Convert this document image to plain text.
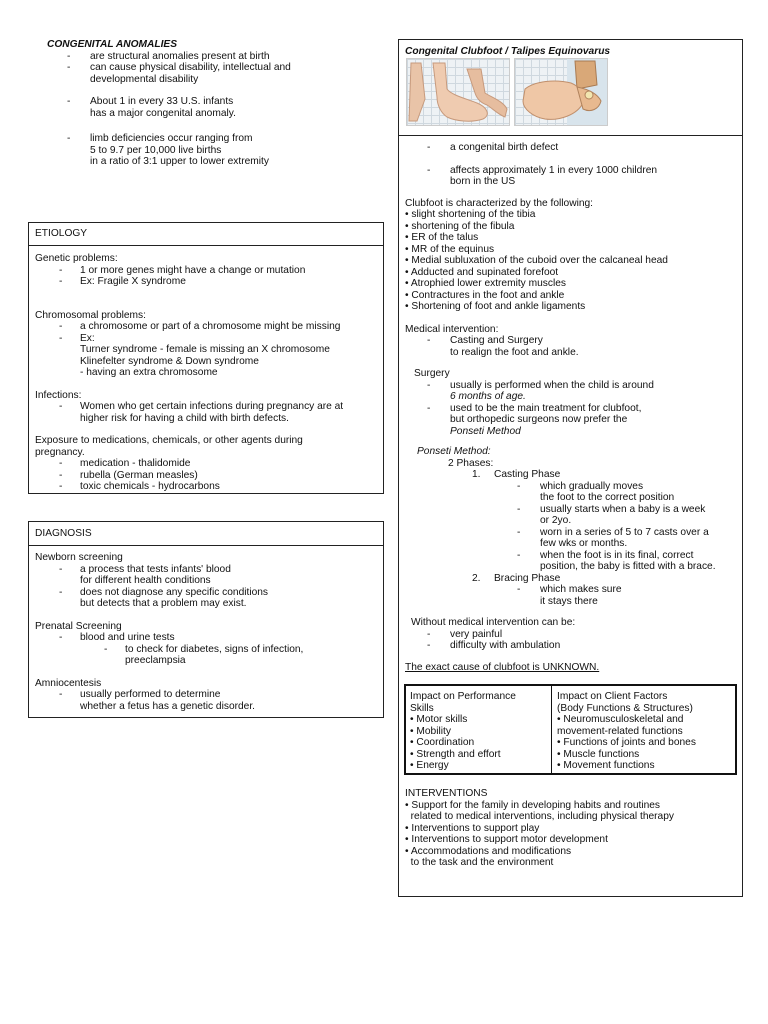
CONGENITAL ANOMALIES
- are structural anomalies present at birth
- can cause physical disability, intellectual and
developmental disability
- About 1 in every 33 U.S. infants
has a major congenital anomaly.
- limb deficiencies occur ranging from
5 to 9.7 per 10,000 live births
in a ratio of 3:1 upper to lower extremity
ETIOLOGY
Genetic problems:
- 1 or more genes might have a change or mutation
- Ex: Fragile X syndrome
Chromosomal problems:
- a chromosome or part of a chromosome might be missing
- Ex:
Turner syndrome - female is missing an X chromosome
Klinefelter syndrome & Down syndrome
- having an extra chromosome
Infections:
- Women who get certain infections during pregnancy are at
higher risk for having a child with birth defects.
Exposure to medications, chemicals, or other agents during
pregnancy.
- medication - thalidomide
- rubella (German measles)
- toxic chemicals - hydrocarbons
DIAGNOSIS
Newborn screening
- a process that tests infants' blood
for different health conditions
- does not diagnose any specific conditions
but detects that a problem may exist.
Prenatal Screening
- blood and urine tests
- to check for diabetes, signs of infection,
preeclampsia
Amniocentesis
- usually performed to determine
whether a fetus has a genetic disorder.
Congenital Clubfoot / Talipes Equinovarus
- a congenital birth defect
- affects approximately 1 in every 1000 children
born in the US
Clubfoot is characterized by the following:
• slight shortening of the tibia
• shortening of the fibula
• ER of the talus
• MR of the equinus
• Medial subluxation of the cuboid over the calcaneal head
• Adducted and supinated forefoot
• Atrophied lower extremity muscles
• Contractures in the foot and ankle
• Shortening of foot and ankle ligaments
Medical intervention:
- Casting and Surgery
to realign the foot and ankle.
Surgery
- usually is performed when the child is around
6 months of age.
- used to be the main treatment for clubfoot,
but orthopedic surgeons now prefer the
Ponseti Method
Ponseti Method:
2 Phases:
1. Casting Phase
- which gradually moves
the foot to the correct position
- usually starts when a baby is a week
or 2yo.
- worn in a series of 5 to 7 casts over a
few wks or months.
- when the foot is in its final, correct
position, the baby is fitted with a brace.
2. Bracing Phase
- which makes sure
it stays there
Without medical intervention can be:
- very painful
- difficulty with ambulation
The exact cause of clubfoot is UNKNOWN.
Impact on Performance
Skills
• Motor skills
• Mobility
• Coordination
• Strength and effort
• Energy
Impact on Client Factors
(Body Functions & Structures)
• Neuromusculoskeletal and
movement-related functions
• Functions of joints and bones
• Muscle functions
• Movement functions
INTERVENTIONS
• Support for the family in developing habits and routines
related to medical interventions, including physical therapy
• Interventions to support play
• Interventions to support motor development
• Accommodations and modifications
to the task and the environment
